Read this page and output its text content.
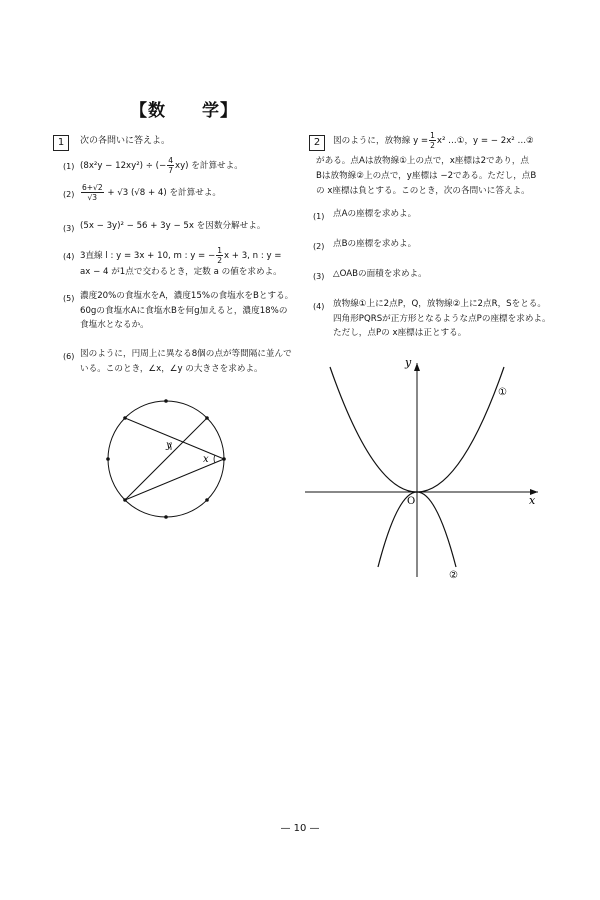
【数　　学】
1	次の各問いに答えよ。
(1) (8x²y − 12xy²) ÷ (− $\frac{4}{7} xy$) を計算せよ。
$(2) \frac{6+√2}{√3} + √3$ (√8 + 4) を計算せよ。
(3) (5x − 3y)² − 56 + 3y − 5x を因数分解せよ。
(4) 3直線 l : y = 3x + 10, m : y = − $\frac{1}{2}$ x + 3, n : y =
ax − 4 が1点で交わるとき，定数 a の値を求めよ。
(5) 濃度20%の食塩水をA，濃度15%の食塩水をBとする。
60gの食塩水Aに食塩水Bを何g加えると，濃度18%の
食塩水となるか。
(6) 図のように，円周上に異なる8個の点が等間隔に並んで
いる。このとき，∠x，∠y の大きさを求めよ。
x
y
2	図のように，放物線 $y = \frac{1}{2} x^2$ …①，y = − 2x² …②
がある。点Aは放物線①上の点で，x座標は2であり，点
Bは放物線②上の点で，y座標は −2である。ただし，点B
の x座標は負とする。このとき，次の各問いに答えよ。
(1) 点Aの座標を求めよ。
(2) 点Bの座標を求めよ。
(3) △OABの面積を求めよ。
(4) 放物線①上に2点P，Q，放物線②上に2点R，Sをとる。
四角形PQRSが正方形となるような点Pの座標を求めよ。
ただし，点Pの x座標は正とする。
y
x
O
①
②
— 10 —
